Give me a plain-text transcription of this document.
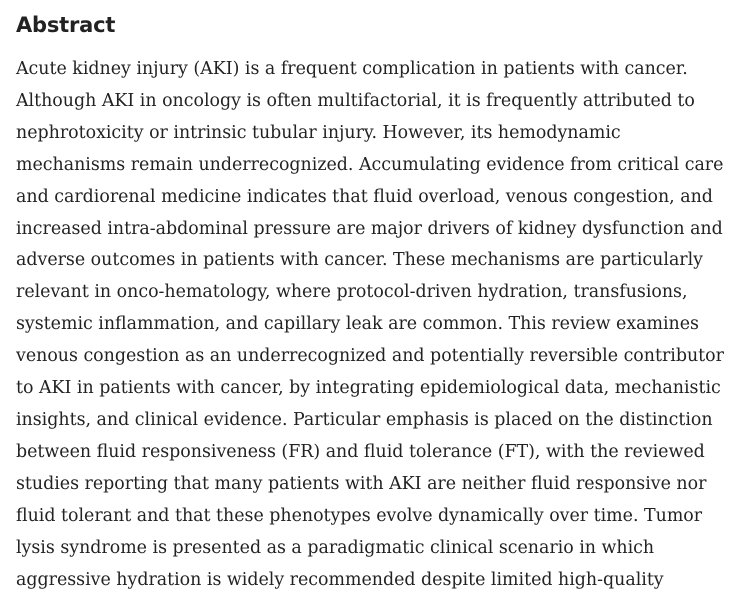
Abstract
Acute kidney injury (AKI) is a frequent complication in patients with cancer.
Although AKI in oncology is often multifactorial, it is frequently attributed to
nephrotoxicity or intrinsic tubular injury. However, its hemodynamic
mechanisms remain underrecognized. Accumulating evidence from critical care
and cardiorenal medicine indicates that fluid overload, venous congestion, and
increased intra-abdominal pressure are major drivers of kidney dysfunction and
adverse outcomes in patients with cancer. These mechanisms are particularly
relevant in onco-hematology, where protocol-driven hydration, transfusions,
systemic inflammation, and capillary leak are common. This review examines
venous congestion as an underrecognized and potentially reversible contributor
to AKI in patients with cancer, by integrating epidemiological data, mechanistic
insights, and clinical evidence. Particular emphasis is placed on the distinction
between fluid responsiveness (FR) and fluid tolerance (FT), with the reviewed
studies reporting that many patients with AKI are neither fluid responsive nor
fluid tolerant and that these phenotypes evolve dynamically over time. Tumor
lysis syndrome is presented as a paradigmatic clinical scenario in which
aggressive hydration is widely recommended despite limited high-quality
